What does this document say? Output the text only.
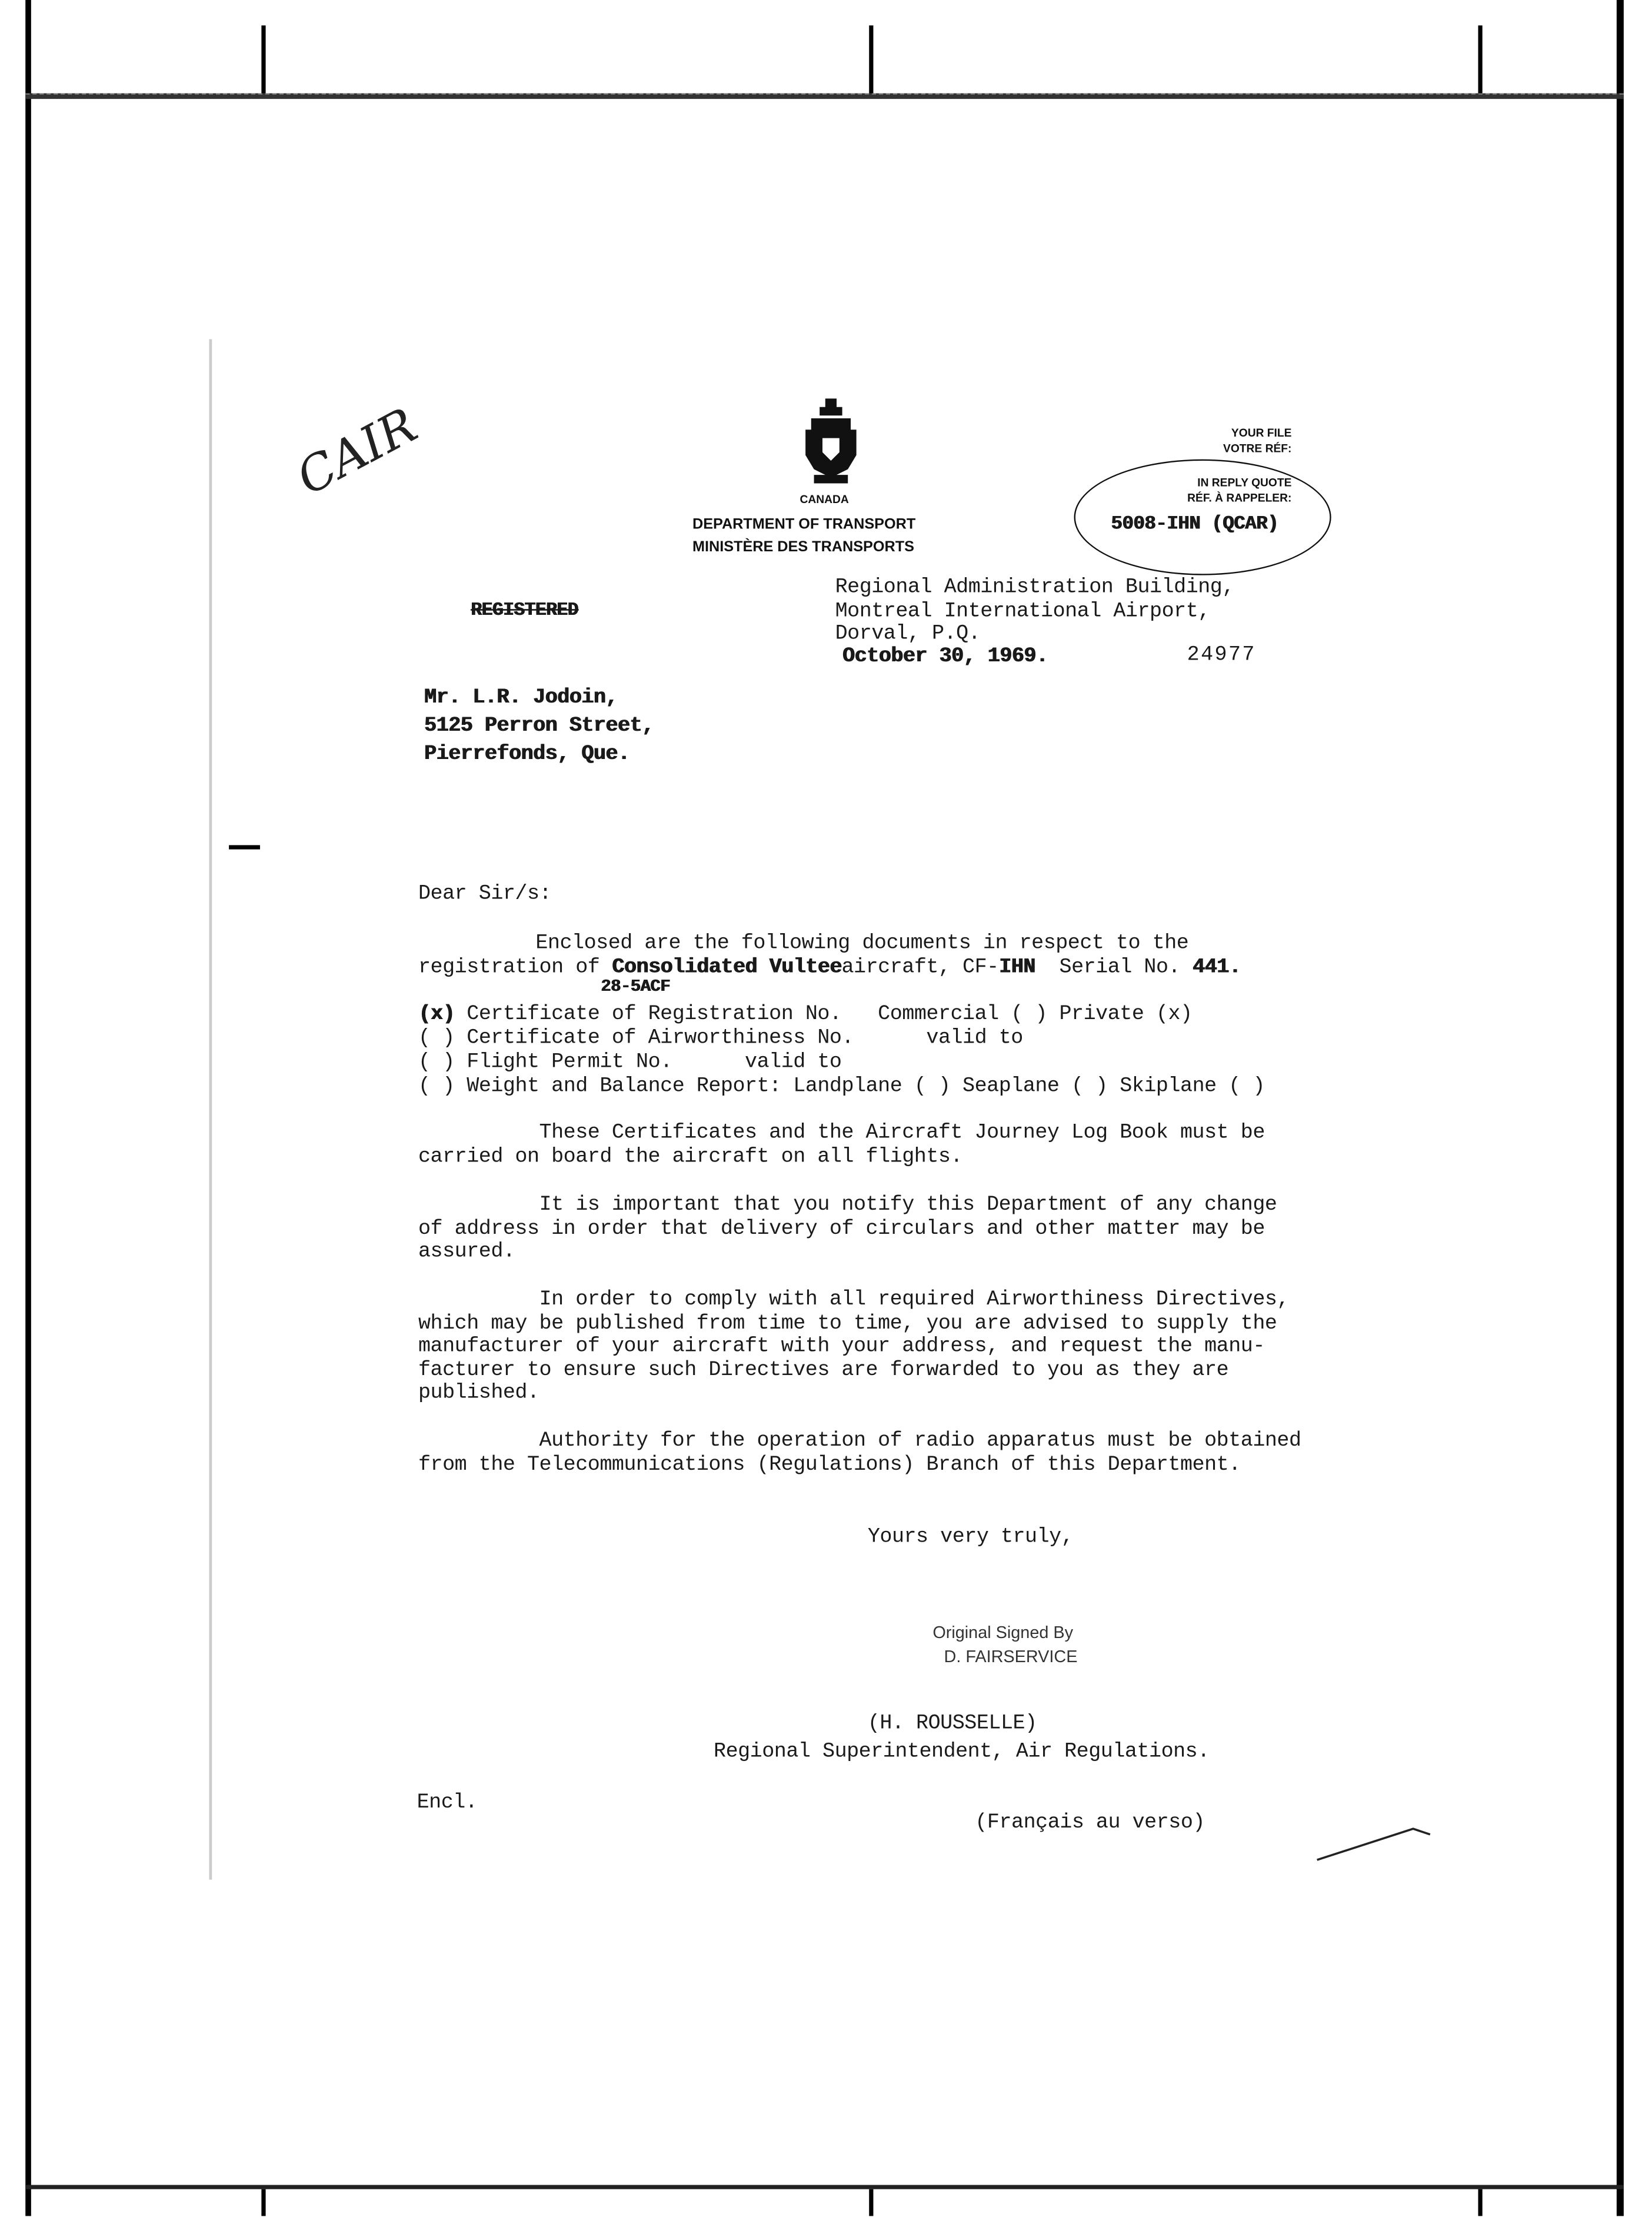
CANADA
DEPARTMENT OF TRANSPORT
MINISTÈRE DES TRANSPORTS
YOUR FILE
VOTRE RÉF:
IN REPLY QUOTE
RÉF. À RAPPELER:
5008-IHN (QCAR)
CAIR
REGISTERED
Regional Administration Building,
Montreal International Airport,
Dorval, P.Q.
October 30, 1969.	24977
Mr. L.R. Jodoin,
5125 Perron Street,
Pierrefonds, Que.
Dear Sir/s:
Enclosed are the following documents in respect to the
registration of Consolidated Vulteeaircraft, CF-IHN  Serial No. 441.
28-5ACF
(x) Certificate of Registration No.   Commercial ( ) Private (x)
( ) Certificate of Airworthiness No.      valid to
( ) Flight Permit No.      valid to
( ) Weight and Balance Report: Landplane ( ) Seaplane ( ) Skiplane ( )
These Certificates and the Aircraft Journey Log Book must be
carried on board the aircraft on all flights.
It is important that you notify this Department of any change
of address in order that delivery of circulars and other matter may be
assured.
In order to comply with all required Airworthiness Directives,
which may be published from time to time, you are advised to supply the
manufacturer of your aircraft with your address, and request the manu-
facturer to ensure such Directives are forwarded to you as they are
published.
Authority for the operation of radio apparatus must be obtained
from the Telecommunications (Regulations) Branch of this Department.
Yours very truly,
Original Signed By
D. FAIRSERVICE
(H. ROUSSELLE)
Regional Superintendent, Air Regulations.
Encl.
(Français au verso)
